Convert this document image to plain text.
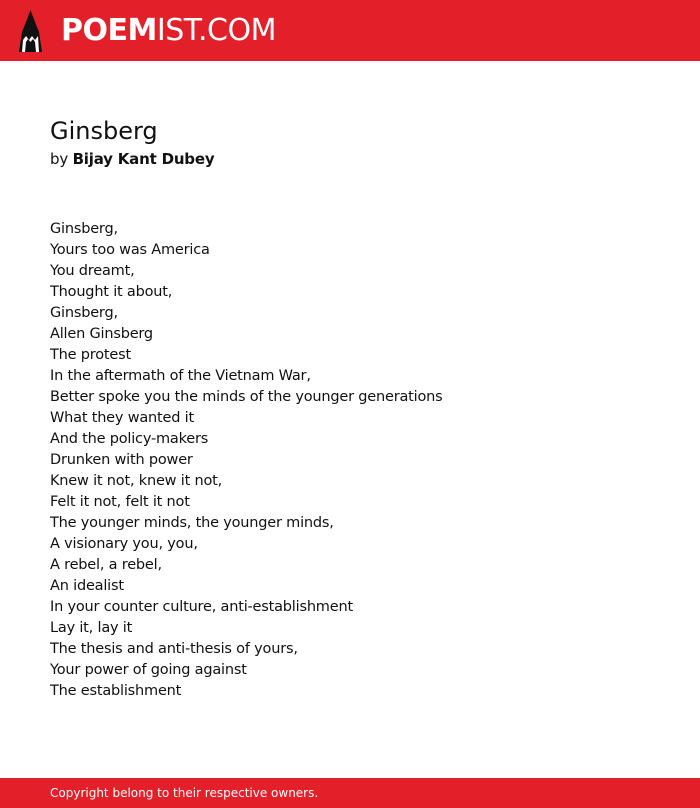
POEMIST.COM
Ginsberg

by Bijay Kant Dubey

Ginsberg,
Yours too was America
You dreamt,
Thought it about,
Ginsberg,
Allen Ginsberg
The protest
In the aftermath of the Vietnam War,
Better spoke you the minds of the younger generations
What they wanted it
And the policy-makers
Drunken with power
Knew it not, knew it not,
Felt it not, felt it not
The younger minds, the younger minds,
A visionary you, you,
A rebel, a rebel,
An idealist
In your counter culture, anti-establishment
Lay it, lay it
The thesis and anti-thesis of yours,
Your power of going against
The establishment
Copyright belong to their respective owners.
